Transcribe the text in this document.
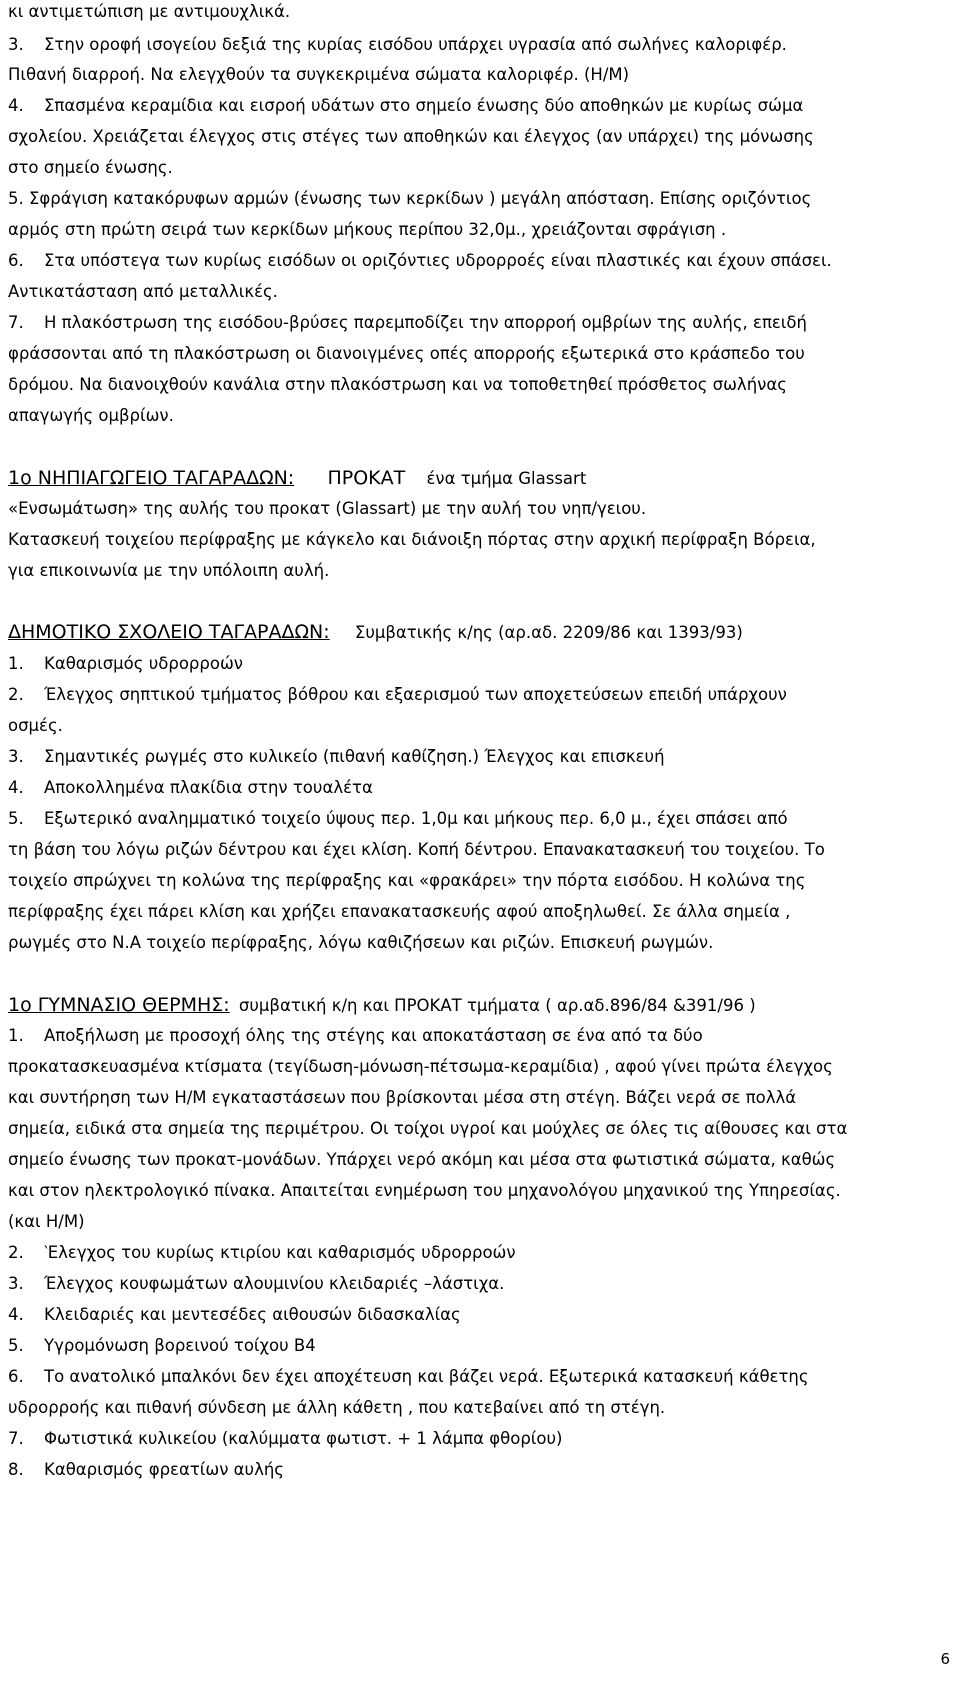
κι αντιμετώπιση με αντιμουχλικά.
3. Στην οροφή ισογείου δεξιά της κυρίας εισόδου υπάρχει υγρασία από σωλήνες καλοριφέρ.
Πιθανή διαρροή. Να ελεγχθούν τα συγκεκριμένα σώματα καλοριφέρ. (Η/Μ)
4. Σπασμένα κεραμίδια και εισροή υδάτων στο σημείο ένωσης δύο αποθηκών με κυρίως σώμα
σχολείου. Χρειάζεται έλεγχος στις στέγες των αποθηκών και έλεγχος (αν υπάρχει) της μόνωσης
στο σημείο ένωσης.
5. Σφράγιση κατακόρυφων αρμών (ένωσης των κερκίδων ) μεγάλη απόσταση. Επίσης οριζόντιος
αρμός στη πρώτη σειρά των κερκίδων μήκους περίπου 32,0μ., χρειάζονται σφράγιση .
6. Στα υπόστεγα των κυρίως εισόδων οι οριζόντιες υδρορροές είναι πλαστικές και έχουν σπάσει.
Αντικατάσταση από μεταλλικές.
7. Η πλακόστρωση της εισόδου-βρύσες παρεμποδίζει την απορροή ομβρίων της αυλής, επειδή
φράσσονται από τη πλακόστρωση οι διανοιγμένες οπές απορροής εξωτερικά στο κράσπεδο του
δρόμου. Να διανοιχθούν κανάλια στην πλακόστρωση και να τοποθετηθεί πρόσθετος σωλήνας
απαγωγής ομβρίων.
1ο ΝΗΠΙΑΓΩΓΕΙΟ ΤΑΓΑΡΑΔΩΝ: ΠΡΟΚΑΤ ένα τμήμα Glassart
«Ενσωμάτωση» της αυλής του προκατ (Glassart) με την αυλή του νηπ/γειου.
Κατασκευή τοιχείου περίφραξης με κάγκελο και διάνοιξη πόρτας στην αρχική περίφραξη Βόρεια,
για επικοινωνία με την υπόλοιπη αυλή.
ΔΗΜΟΤΙΚΟ ΣΧΟΛΕΙΟ ΤΑΓΑΡΑΔΩΝ: Συμβατικής κ/ης (αρ.αδ. 2209/86 και 1393/93)
1. Καθαρισμός υδρορροών
2. Έλεγχος σηπτικού τμήματος βόθρου και εξαερισμού των αποχετεύσεων επειδή υπάρχουν
οσμές.
3. Σημαντικές ρωγμές στο κυλικείο (πιθανή καθίζηση.) Έλεγχος και επισκευή
4. Αποκολλημένα πλακίδια στην τουαλέτα
5. Εξωτερικό αναλημματικό τοιχείο ύψους περ. 1,0μ και μήκους περ. 6,0 μ., έχει σπάσει από
τη βάση του λόγω ριζών δέντρου και έχει κλίση. Κοπή δέντρου. Επανακατασκευή του τοιχείου. Το
τοιχείο σπρώχνει τη κολώνα της περίφραξης και «φρακάρει» την πόρτα εισόδου. Η κολώνα της
περίφραξης έχει πάρει κλίση και χρήζει επανακατασκευής αφού αποξηλωθεί. Σε άλλα σημεία ,
ρωγμές στο Ν.Α τοιχείο περίφραξης, λόγω καθιζήσεων και ριζών. Επισκευή ρωγμών.
1ο ΓΥΜΝΑΣΙΟ ΘΕΡΜΗΣ: συμβατική κ/η και ΠΡΟΚΑΤ τμήματα ( αρ.αδ.896/84 &391/96 )
1. Αποξήλωση με προσοχή όλης της στέγης και αποκατάσταση σε ένα από τα δύο
προκατασκευασμένα κτίσματα (τεγίδωση-μόνωση-πέτσωμα-κεραμίδια) , αφού γίνει πρώτα έλεγχος
και συντήρηση των Η/Μ εγκαταστάσεων που βρίσκονται μέσα στη στέγη. Βάζει νερά σε πολλά
σημεία, ειδικά στα σημεία της περιμέτρου. Οι τοίχοι υγροί και μούχλες σε όλες τις αίθουσες και στα
σημείο ένωσης των προκατ-μονάδων. Υπάρχει νερό ακόμη και μέσα στα φωτιστικά σώματα, καθώς
και στον ηλεκτρολογικό πίνακα. Απαιτείται ενημέρωση του μηχανολόγου μηχανικού της Υπηρεσίας.
(και Η/Μ)
2. ‵Ελεγχος του κυρίως κτιρίου και καθαρισμός υδρορροών
3. Έλεγχος κουφωμάτων αλουμινίου κλειδαριές –λάστιχα.
4. Κλειδαριές και μεντεσέδες αιθουσών διδασκαλίας
5. Υγρομόνωση βορεινού τοίχου Β4
6. Το ανατολικό μπαλκόνι δεν έχει αποχέτευση και βάζει νερά. Εξωτερικά κατασκευή κάθετης
υδρορροής και πιθανή σύνδεση με άλλη κάθετη , που κατεβαίνει από τη στέγη.
7. Φωτιστικά κυλικείου (καλύμματα φωτιστ. + 1 λάμπα φθορίου)
8. Καθαρισμός φρεατίων αυλής
6
